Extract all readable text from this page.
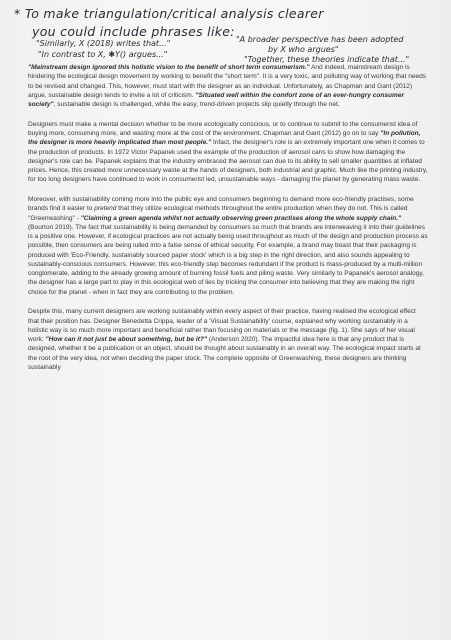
* To make triangulation/critical analysis clearer
you could include phrases like:
"Similarly, X (2018) writes that..."
"In contrast to X, ✱Y() argues..."
"A broader perspective has been adopted
by X who argues"
"Together, these theories indicate that..."

"Mainstream design ignored this holistic vision to the benefit of short term consumerism." And indeed, mainstream design is hindering the ecological design movement by working to benefit the "short term". It is a very toxic, and polluting way of working that needs to be revised and changed. This, however, must start with the designer as an individual. Unfortunately, as Chapman and Gant (2012) argue, sustainable design tends to invite a lot of criticism. "Situated well within the comfort zone of an ever-hungry consumer society", sustainable design is challenged, while the easy, trend-driven projects slip quietly through the net.

Designers must make a mental decision whether to be more ecologically conscious, or to continue to submit to the consumerist idea of buying more, consuming more, and wasting more at the cost of the environment. Chapman and Gant (2012) go on to say "In pollution, the designer is more heavily implicated than most people." Infact, the designer's role is an extremely important one when it comes to the production of products. In 1972 Victor Papanek used the example of the production of aerosol cans to show how damaging the designer's role can be. Papanek explains that the industry embraced the aerosol can due to its ability to sell smaller quantities at inflated prices. Hence, this created more unnecessary waste at the hands of designers, both industrial and graphic. Much like the printing industry, for too long designers have continued to work in consumerist led, unsustainable ways - damaging the planet by generating mass waste.

Moreover, with sustainability coming more into the public eye and consumers beginning to demand more eco-friendly practises, some brands find it easier to pretend that they utilize ecological methods throughout the entire production when they do not. This is called "Greenwashing" - "Claiming a green agenda whilst not actually observing green practises along the whole supply chain." (Bourton 2019). The fact that sustainability is being demanded by consumers so much that brands are interweaving it into their guidelines is a positive one. However, if ecological practices are not actually being used throughout as much of the design and production process as possible, then consumers are being lulled into a false sense of ethical security. For example, a brand may boast that their packaging is produced with 'Eco-Friendly, sustainably sourced paper stock' which is a big step in the right direction, and also sounds appealing to sustainably-conscious consumers. However, this eco-friendly step becomes redundant if the product is mass-produced by a multi-million conglomerate, adding to the already growing amount of burning fossil fuels and piling waste. Very similarly to Papanek's aerosol analogy, the designer has a large part to play in this ecological web of lies by tricking the consumer into believing that they are making the right choice for the planet - when in fact they are contributing to the problem.

Despite this, many current designers are working sustainably within every aspect of their practice, having realised the ecological effect that their position has. Designer Benedetta Crippa, leader of a 'Visual Sustainability' course, explained why working sustainably in a holistic way is so much more important and beneficial rather than focusing on materials or the message (fig. 1). She says of her visual work: "How can it not just be about something, but be it?" (Anderson 2020). The impactful idea here is that any product that is designed, whether it be a publication or an object, should be thought about sustainably in an overall way. The ecological impact starts at the root of the very idea, not when deciding the paper stock. The complete opposite of Greenwashing, these designers are thinking sustainably
